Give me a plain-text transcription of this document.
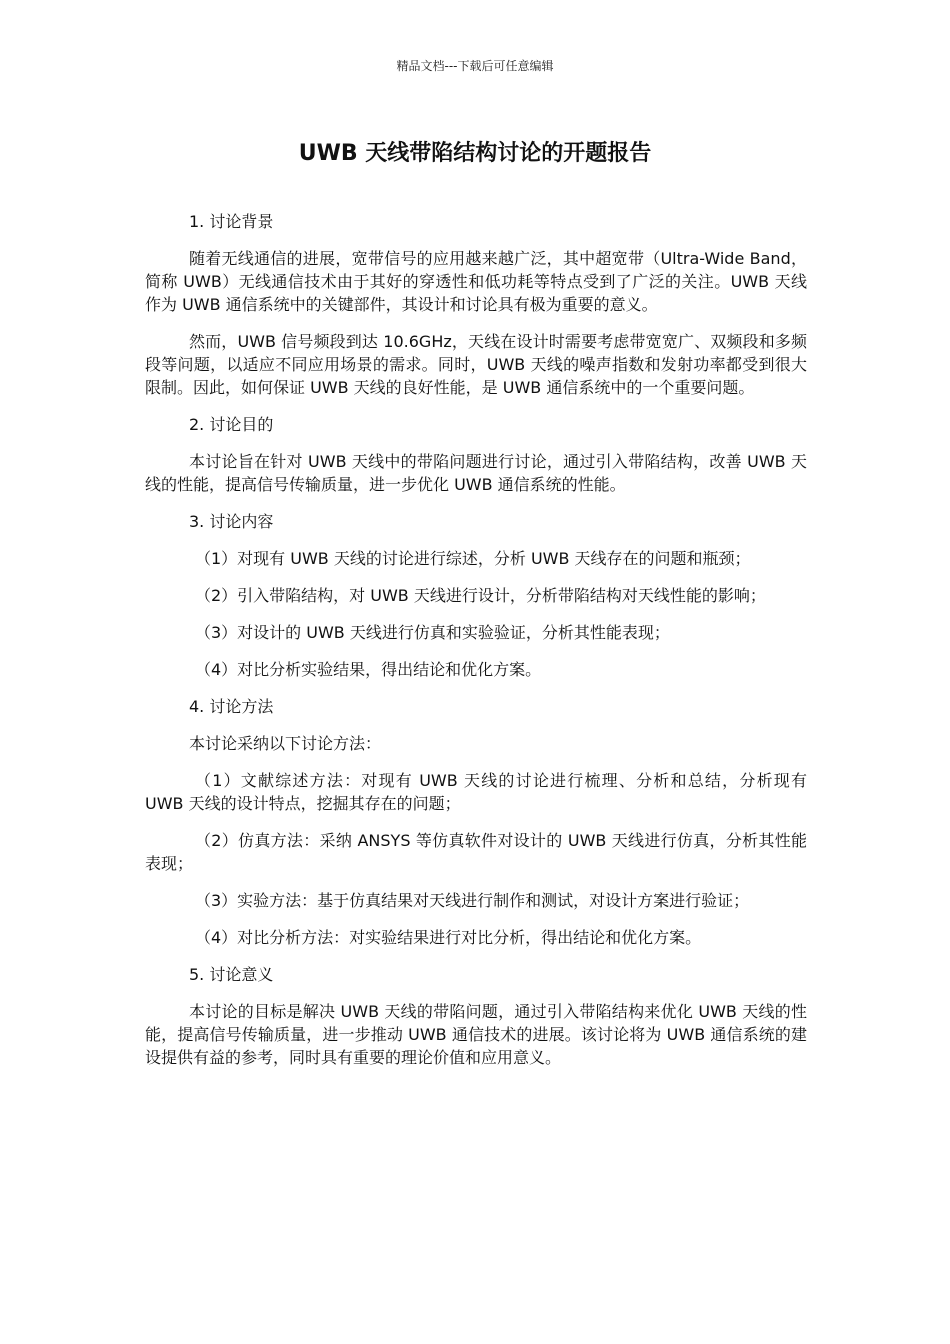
精品文档---下载后可任意编辑
UWB 天线带陷结构讨论的开题报告

1. 讨论背景

随着无线通信的进展，宽带信号的应用越来越广泛，其中超宽带（Ultra-Wide Band，简称 UWB）无线通信技术由于其好的穿透性和低功耗等特点受到了广泛的关注。UWB 天线作为 UWB 通信系统中的关键部件，其设计和讨论具有极为重要的意义。

然而，UWB 信号频段到达 10.6GHz，天线在设计时需要考虑带宽宽广、双频段和多频段等问题，以适应不同应用场景的需求。同时，UWB 天线的噪声指数和发射功率都受到很大限制。因此，如何保证 UWB 天线的良好性能，是 UWB 通信系统中的一个重要问题。

2. 讨论目的

本讨论旨在针对 UWB 天线中的带陷问题进行讨论，通过引入带陷结构，改善 UWB 天线的性能，提高信号传输质量，进一步优化 UWB 通信系统的性能。

3. 讨论内容

（1）对现有 UWB 天线的讨论进行综述，分析 UWB 天线存在的问题和瓶颈；

（2）引入带陷结构，对 UWB 天线进行设计，分析带陷结构对天线性能的影响；

（3）对设计的 UWB 天线进行仿真和实验验证，分析其性能表现；

（4）对比分析实验结果，得出结论和优化方案。

4. 讨论方法

本讨论采纳以下讨论方法：

（1）文献综述方法：对现有 UWB 天线的讨论进行梳理、分析和总结，分析现有 UWB 天线的设计特点，挖掘其存在的问题；

（2）仿真方法：采纳 ANSYS 等仿真软件对设计的 UWB 天线进行仿真，分析其性能表现；

（3）实验方法：基于仿真结果对天线进行制作和测试，对设计方案进行验证；

（4）对比分析方法：对实验结果进行对比分析，得出结论和优化方案。

5. 讨论意义

本讨论的目标是解决 UWB 天线的带陷问题，通过引入带陷结构来优化 UWB 天线的性能，提高信号传输质量，进一步推动 UWB 通信技术的进展。该讨论将为 UWB 通信系统的建设提供有益的参考，同时具有重要的理论价值和应用意义。
